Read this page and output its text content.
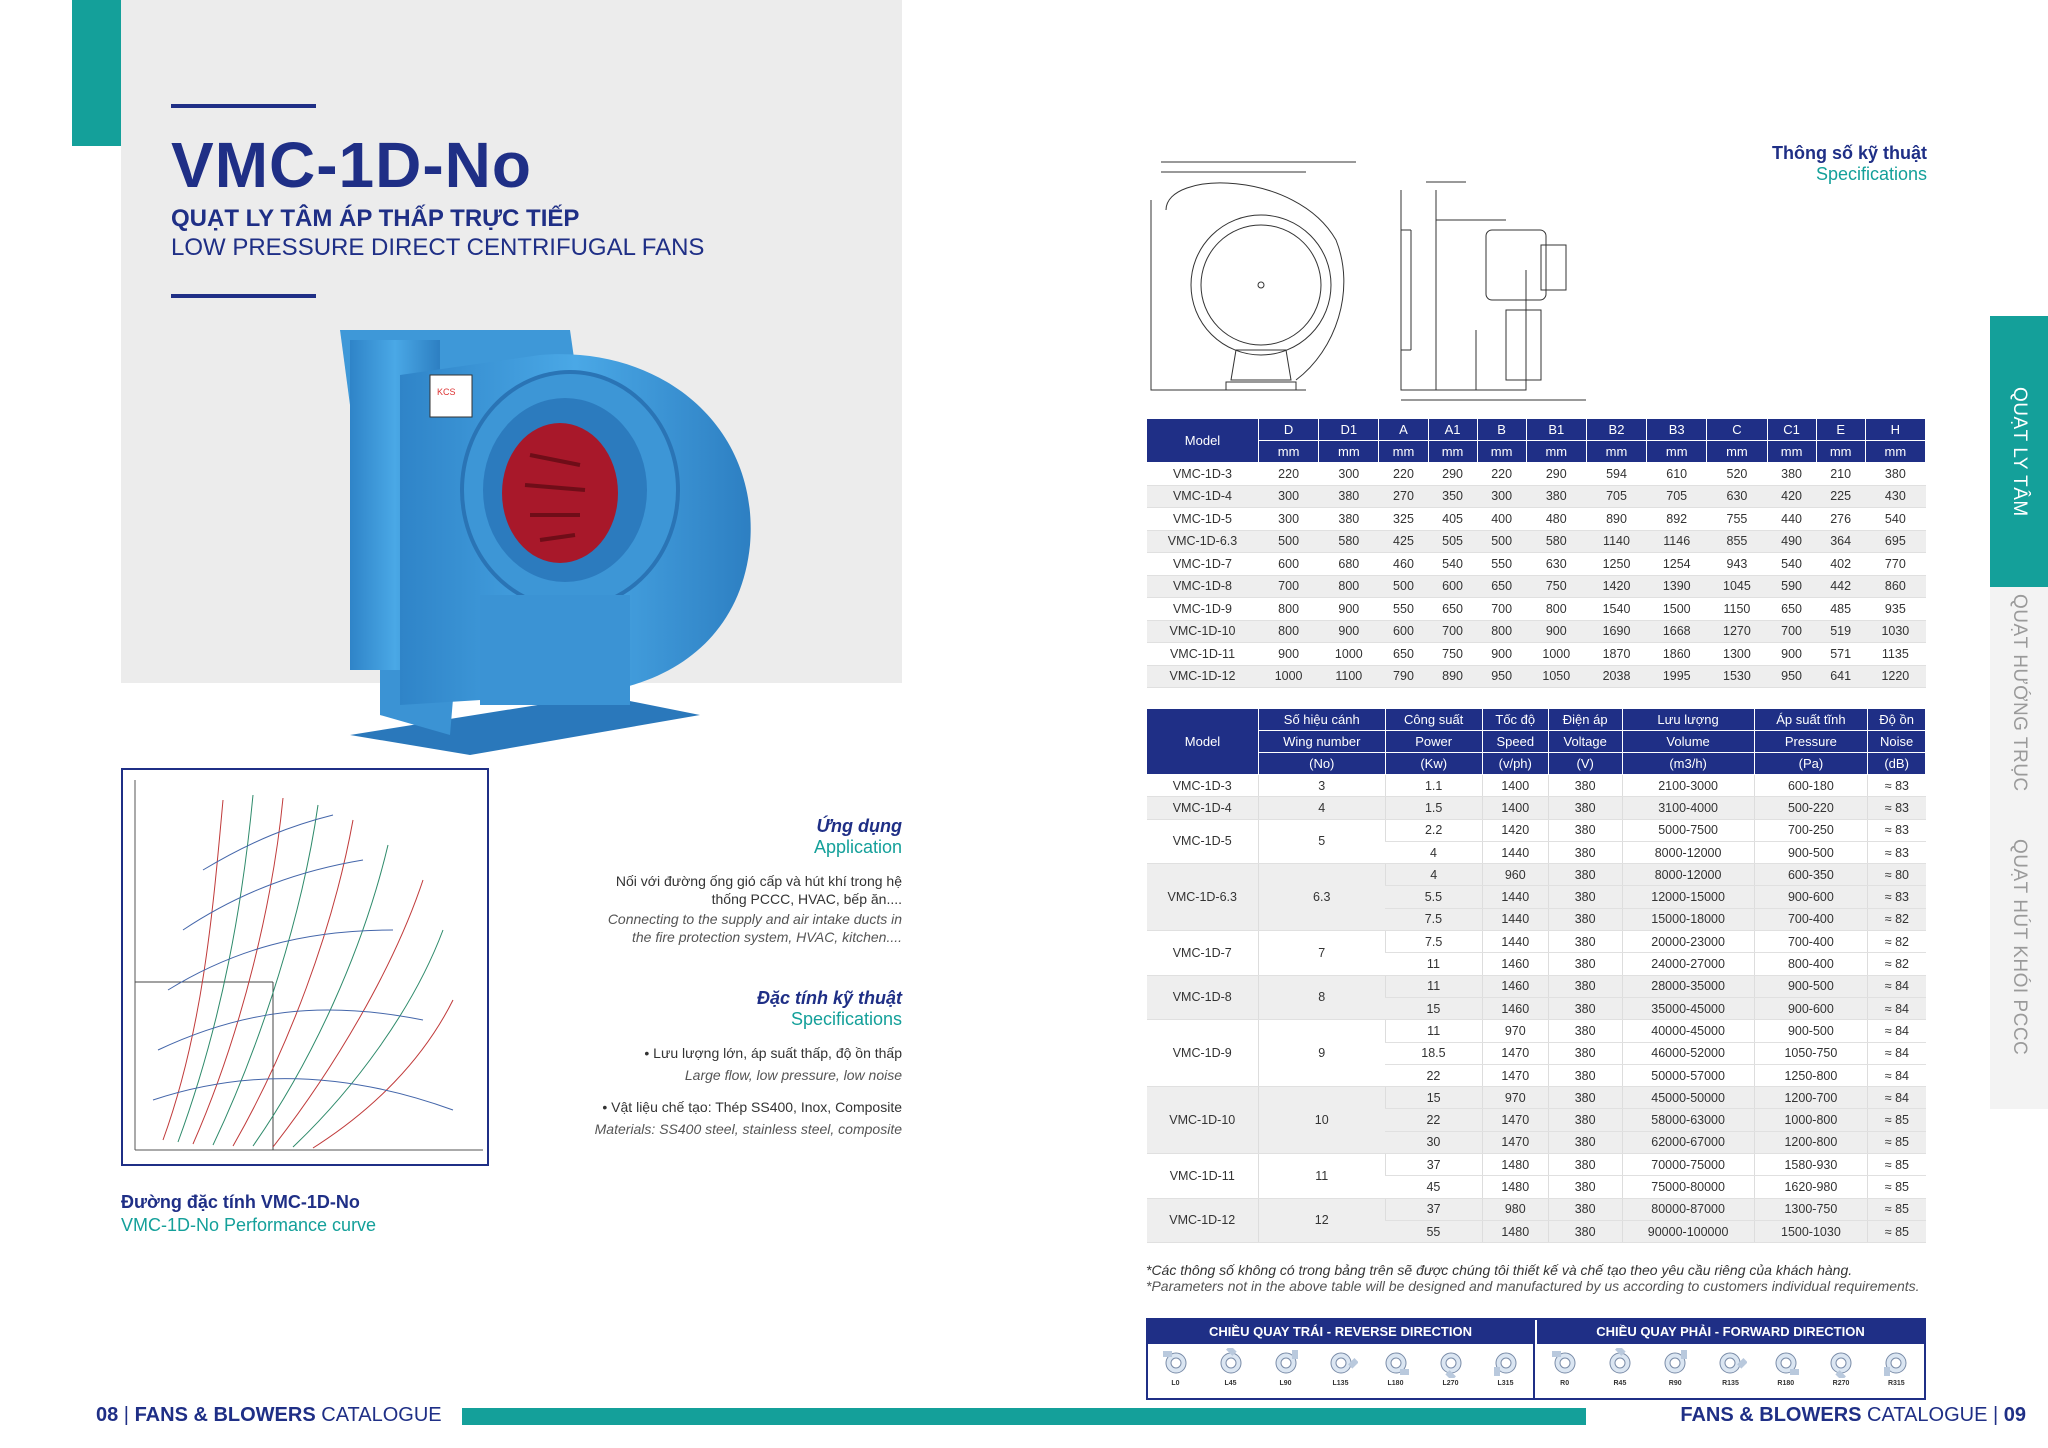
VMC-1D-No
QUẠT LY TÂM ÁP THẤP TRỰC TIẾP
LOW PRESSURE DIRECT CENTRIFUGAL FANS
KCS
Đường đặc tính VMC-1D-No
VMC-1D-No Performance curve
Ứng dụng
Application
Nối với đường ống gió cấp và hút khí trong hệ thống PCCC, HVAC, bếp ăn....
Connecting to the supply and air intake ducts in the fire protection system, HVAC, kitchen....
Đặc tính kỹ thuật
Specifications
• Lưu lượng lớn, áp suất thấp, độ ồn thấp
Large flow, low pressure, low noise
• Vật liệu chế tạo: Thép SS400, Inox, Composite
Materials: SS400 steel, stainless steel, composite
Thông số kỹ thuật
Specifications
Model	D	D1	A	A1	B	B1	B2	B3	C	C1	E	H
	mm	mm	mm	mm	mm	mm	mm	mm	mm	mm	mm	mm
VMC-1D-3	220	300	220	290	220	290	594	610	520	380	210	380
VMC-1D-4	300	380	270	350	300	380	705	705	630	420	225	430
VMC-1D-5	300	380	325	405	400	480	890	892	755	440	276	540
VMC-1D-6.3	500	580	425	505	500	580	1140	1146	855	490	364	695
VMC-1D-7	600	680	460	540	550	630	1250	1254	943	540	402	770
VMC-1D-8	700	800	500	600	650	750	1420	1390	1045	590	442	860
VMC-1D-9	800	900	550	650	700	800	1540	1500	1150	650	485	935
VMC-1D-10	800	900	600	700	800	900	1690	1668	1270	700	519	1030
VMC-1D-11	900	1000	650	750	900	1000	1870	1860	1300	900	571	1135
VMC-1D-12	1000	1100	790	890	950	1050	2038	1995	1530	950	641	1220
Model	Số hiệu cánh	Công suất	Tốc độ	Điện áp	Lưu lượng	Áp suất tĩnh	Độ ồn
	Wing number	Power	Speed	Voltage	Volume	Pressure	Noise
	(No)	(Kw)	(v/ph)	(V)	(m3/h)	(Pa)	(dB)
VMC-1D-3	3	1.1	1400	380	2100-3000	600-180	≈ 83
VMC-1D-4	4	1.5	1400	380	3100-4000	500-220	≈ 83
VMC-1D-5	5	2.2	1420	380	5000-7500	700-250	≈ 83
		4	1440	380	8000-12000	900-500	≈ 83
VMC-1D-6.3	6.3	4	960	380	8000-12000	600-350	≈ 80
		5.5	1440	380	12000-15000	900-600	≈ 83
		7.5	1440	380	15000-18000	700-400	≈ 82
VMC-1D-7	7	7.5	1440	380	20000-23000	700-400	≈ 82
		11	1460	380	24000-27000	800-400	≈ 82
VMC-1D-8	8	11	1460	380	28000-35000	900-500	≈ 84
		15	1460	380	35000-45000	900-600	≈ 84
VMC-1D-9	9	11	970	380	40000-45000	900-500	≈ 84
		18.5	1470	380	46000-52000	1050-750	≈ 84
		22	1470	380	50000-57000	1250-800	≈ 84
VMC-1D-10	10	15	970	380	45000-50000	1200-700	≈ 84
		22	1470	380	58000-63000	1000-800	≈ 85
		30	1470	380	62000-67000	1200-800	≈ 85
VMC-1D-11	11	37	1480	380	70000-75000	1580-930	≈ 85
		45	1480	380	75000-80000	1620-980	≈ 85
VMC-1D-12	12	37	980	380	80000-87000	1300-750	≈ 85
		55	1480	380	90000-100000	1500-1030	≈ 85
*Các thông số không có trong bảng trên sẽ được chúng tôi thiết kế và chế tạo theo yêu cầu riêng của khách hàng.
*Parameters not in the above table will be designed and manufactured by us according to customers individual requirements.
CHIỀU QUAY TRÁI - REVERSE DIRECTION	CHIỀU QUAY PHẢI - FORWARD DIRECTION
L0	L45	L90	L135	L180	L270	L315	R0	R45	R90	R135	R180	R270	R315
QUẠT LY TÂM
QUẠT HƯỚNG TRỤC
QUẠT HÚT KHÓI PCCC
08 | FANS & BLOWERS CATALOGUE	FANS & BLOWERS CATALOGUE | 09
